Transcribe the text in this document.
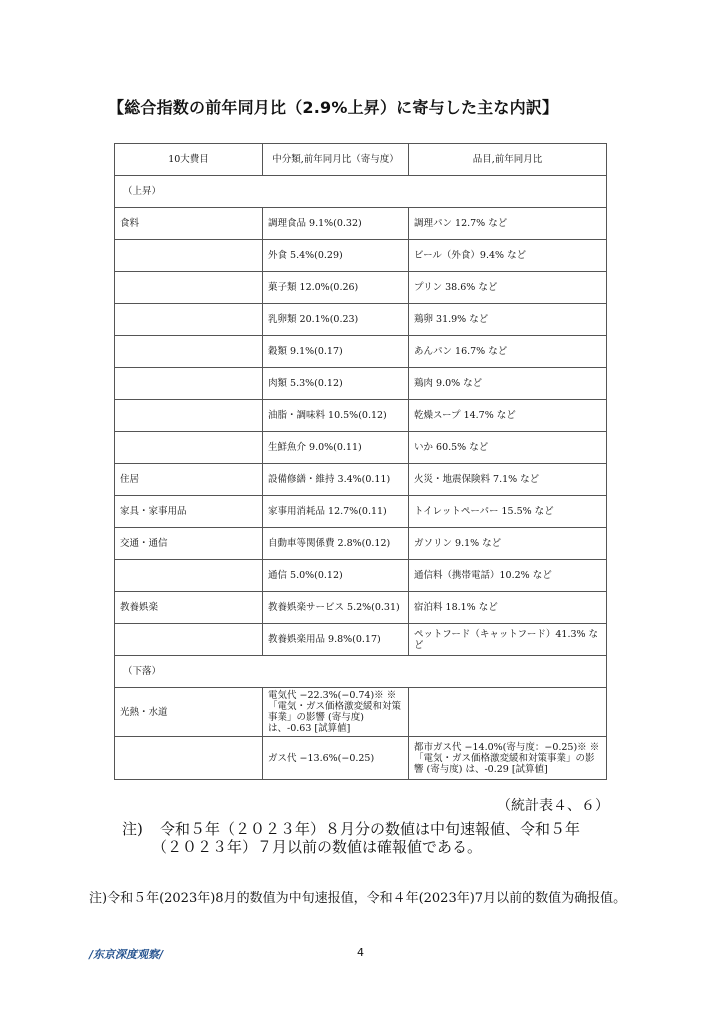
【総合指数の前年同月比（2.9%上昇）に寄与した主な内訳】
10大費目	中分類,前年同月比（寄与度）	品目,前年同月比
（上昇）		
食料	調理食品 9.1%(0.32)	調理パン 12.7% など
	外食 5.4%(0.29)	ビール（外食）9.4% など
	菓子類 12.0%(0.26)	プリン 38.6% など
	乳卵類 20.1%(0.23)	鶏卵 31.9% など
	穀類 9.1%(0.17)	あんパン 16.7% など
	肉類 5.3%(0.12)	鶏肉 9.0% など
	油脂・調味料 10.5%(0.12)	乾燥スープ 14.7% など
	生鮮魚介 9.0%(0.11)	いか 60.5% など
住居	設備修繕・維持 3.4%(0.11)	火災・地震保険料 7.1% など
家具・家事用品	家事用消耗品 12.7%(0.11)	トイレットペーパー 15.5% など
交通・通信	自動車等関係費 2.8%(0.12)	ガソリン 9.1% など
	通信 5.0%(0.12)	通信料（携帯電話）10.2% など
教養娯楽	教養娯楽サービス 5.2%(0.31)	宿泊料 18.1% など
	教養娯楽用品 9.8%(0.17)	ペットフード（キャットフード）41.3% など
（下落）		
光熱・水道	電気代 −22.3%(−0.74)※ ※「電気・ガス価格激変緩和対策事業」の影響 (寄与度) は、-0.63 [試算値]	
	ガス代 −13.6%(−0.25)	都市ガス代 −14.0%(寄与度：−0.25)※ ※「電気・ガス価格激変緩和対策事業」の影響 (寄与度) は、-0.29 [試算値]
（統計表４、６）
注) 令和５年（２０２３年）８月分の数値は中旬速報値、令和５年
（２０２３年）７月以前の数値は確報値である。
注)令和５年(2023年)8月的数值为中旬速报值，令和４年(2023年)7月以前的数值为确报值。
/东京深度观察/	4
